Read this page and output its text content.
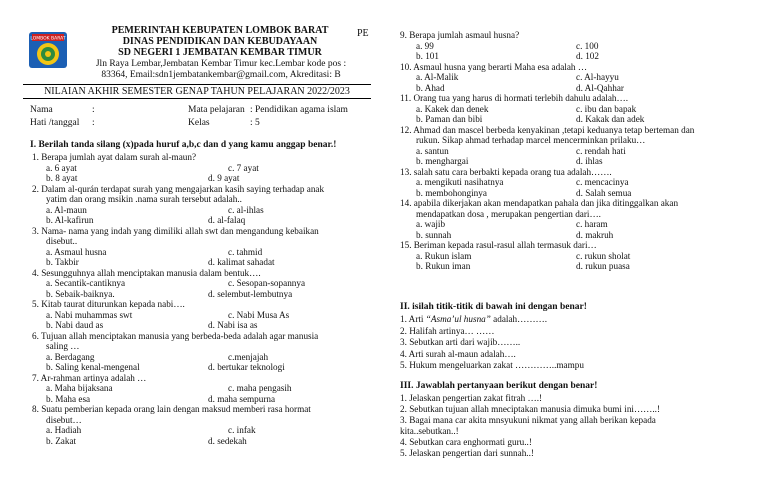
LOMBOK BARAT
PEMERINTAH KEBUPATEN LOMBOK BARAT
DINAS PENDIDIKAN DAN KEBUDAYAAN
SD NEGERI 1 JEMBATAN KEMBAR TIMUR
Jln Raya Lembar,Jembatan Kembar Timur kec.Lembar kode pos :
83364, Email:sdn1jembatankembar@gmail.com, Akreditasi: B
PE
NILAIAN AKHIR SEMESTER GENAP TAHUN PELAJARAN 2022/2023
Nama	:
Hati /tanggal :
Mata pelajaran : Pendidikan agama islam
Kelas	: 5
I. Berilah tanda silang (x)pada huruf a,b,c dan d yang kamu anggap benar.!
1. Berapa jumlah ayat dalam surah al-maun?
a. 6 ayat	c. 7 ayat
b. 8 ayat	d. 9 ayat
2. Dalam al-qurán terdapat surah yang mengajarkan kasih saying terhadap anak
yatim dan orang msikin .nama surah tersebut adalah..
a. Al-maun	c. al-ihlas
b. Al-kafirun	d. al-falaq
3. Nama- nama yang indah yang dimiliki allah swt dan mengandung kebaikan
disebut..
a. Asmaul husna	c. tahmid
b. Takbir	d. kalimat sahadat
4. Sesungguhnya allah menciptakan manusia dalam bentuk….
a. Secantik-cantiknya	c. Sesopan-sopannya
b. Sebaik-baiknya.	d. selembut-lembutnya
5. Kitab taurat diturunkan kepada nabi….
a. Nabi muhammas swt	c. Nabi Musa As
b. Nabi daud as	d. Nabi isa as
6. Tujuan allah menciptakan manusia yang berbeda-beda adalah agar manusia
saling …
a. Berdagang	c.menjajah
b. Saling kenal-mengenal	d. bertukar teknologi
7. Ar-rahman artinya adalah …
a. Maha bijaksana	c. maha pengasih
b. Maha esa	d. maha sempurna
8. Suatu pemberian kepada orang lain dengan maksud memberi rasa hormat
disebut…
a. Hadiah	c. infak
b. Zakat	d. sedekah
9. Berapa jumlah asmaul husna?
a. 99	c. 100
b. 101	d. 102
10. Asmaul husna yang berarti Maha esa adalah …
a. Al-Malik	c. Al-hayyu
b. Ahad	d. Al-Qahhar
11. Orang tua yang harus di hormati terlebih dahulu adalah….
a. Kakek dan denek	c. ibu dan bapak
b. Paman dan bibi	d. Kakak dan adek
12. Ahmad dan mascel berbeda kenyakinan ,tetapi keduanya tetap berteman dan
rukun. Sikap ahmad terhadap marcel mencerminkan prilaku…
a. santun	c. rendah hati
b. menghargai	d. ihlas
13. salah satu cara berbakti kepada orang tua adalah…….
a. mengikuti nasihatnya	c. mencacinya
b. membohonginya	d. Salah semua
14. apabila dikerjakan akan mendapatkan pahala dan jika ditinggalkan akan
mendapatkan dosa , merupakan pengertian dari….
a. wajib	c. haram
b. sunnah	d. makruh
15. Beriman kepada rasul-rasul allah termasuk dari…
a. Rukun islam	c. rukun sholat
b. Rukun iman	d. rukun puasa
II. isilah titik-titik di bawah ini dengan benar!
1. Arti “Asma’ul husna” adalah……….
2. Halifah artinya… ……
3. Sebutkan arti dari wajib……..
4. Arti surah al-maun adalah….
5. Hukum mengeluarkan zakat …………..mampu
III. Jawablah pertanyaan berikut dengan benar!
1. Jelaskan pengertian zakat fitrah ….!
2. Sebutkan tujuan allah mneciptakan manusia dimuka bumi ini……..!
3. Bagai mana car akita mnsyukuni nikmat yang allah berikan kepada
kita..sebutkan..!
4. Sebutkan cara enghormati guru..!
5. Jelaskan pengertian dari sunnah..!
